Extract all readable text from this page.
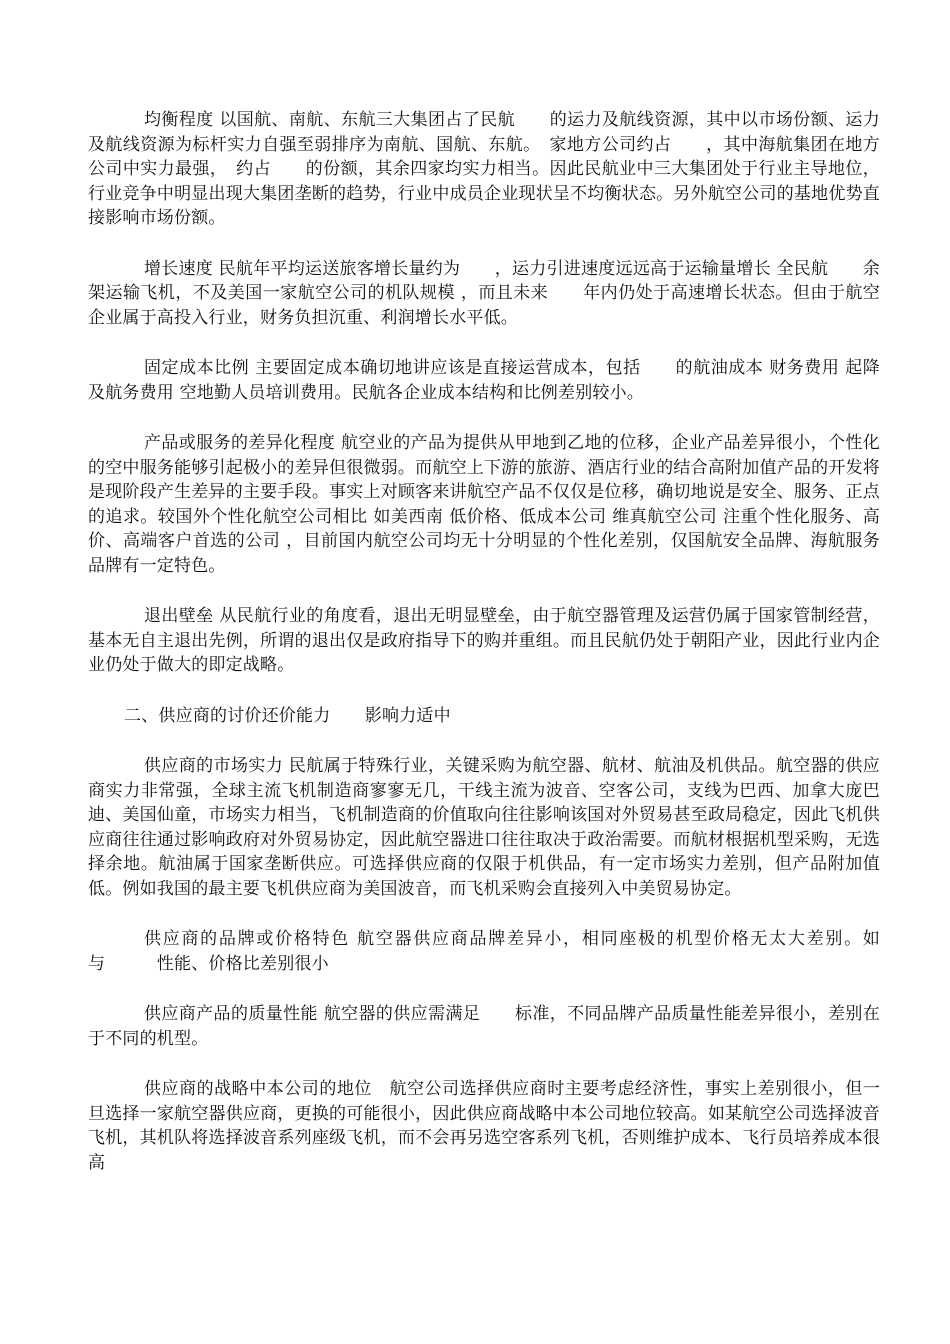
均衡程度 以国航、南航、东航三大集团占了民航　　的运力及航线资源，其中以市场份额、运力及航线资源为标杆实力自强至弱排序为南航、国航、东航。　家地方公司约占　　，其中海航集团在地方公司中实力最强，　约占　　的份额，其余四家均实力相当。因此民航业中三大集团处于行业主导地位，行业竞争中明显出现大集团垄断的趋势，行业中成员企业现状呈不均衡状态。另外航空公司的基地优势直接影响市场份额。

增长速度 民航年平均运送旅客增长量约为　　，运力引进速度远远高于运输量增长 全民航　　余架运输飞机，不及美国一家航空公司的机队规模 ，而且未来　　年内仍处于高速增长状态。但由于航空企业属于高投入行业，财务负担沉重、利润增长水平低。

固定成本比例 主要固定成本确切地讲应该是直接运营成本，包括　　的航油成本 财务费用 起降及航务费用 空地勤人员培训费用。民航各企业成本结构和比例差别较小。

产品或服务的差异化程度 航空业的产品为提供从甲地到乙地的位移，企业产品差异很小，个性化的空中服务能够引起极小的差异但很微弱。而航空上下游的旅游、酒店行业的结合高附加值产品的开发将是现阶段产生差异的主要手段。事实上对顾客来讲航空产品不仅仅是位移，确切地说是安全、服务、正点的追求。较国外个性化航空公司相比 如美西南 低价格、低成本公司 维真航空公司 注重个性化服务、高价、高端客户首选的公司 ，目前国内航空公司均无十分明显的个性化差别，仅国航安全品牌、海航服务品牌有一定特色。

退出壁垒 从民航行业的角度看，退出无明显壁垒，由于航空器管理及运营仍属于国家管制经营，基本无自主退出先例，所谓的退出仅是政府指导下的购并重组。而且民航仍处于朝阳产业，因此行业内企业仍处于做大的即定战略。

二、供应商的讨价还价能力　　影响力适中

供应商的市场实力 民航属于特殊行业，关键采购为航空器、航材、航油及机供品。航空器的供应商实力非常强，全球主流飞机制造商寥寥无几，干线主流为波音、空客公司，支线为巴西、加拿大庞巴迪、美国仙童，市场实力相当，飞机制造商的价值取向往往影响该国对外贸易甚至政局稳定，因此飞机供应商往往通过影响政府对外贸易协定，因此航空器进口往往取决于政治需要。而航材根据机型采购，无选择余地。航油属于国家垄断供应。可选择供应商的仅限于机供品，有一定市场实力差别，但产品附加值低。例如我国的最主要飞机供应商为美国波音，而飞机采购会直接列入中美贸易协定。

供应商的品牌或价格特色 航空器供应商品牌差异小，相同座极的机型价格无太大差别。如　　　与　　　性能、价格比差别很小

供应商产品的质量性能 航空器的供应需满足　　标准，不同品牌产品质量性能差异很小，差别在于不同的机型。

供应商的战略中本公司的地位　航空公司选择供应商时主要考虑经济性，事实上差别很小，但一旦选择一家航空器供应商，更换的可能很小，因此供应商战略中本公司地位较高。如某航空公司选择波音飞机，其机队将选择波音系列座级飞机，而不会再另选空客系列飞机，否则维护成本、飞行员培养成本很高
